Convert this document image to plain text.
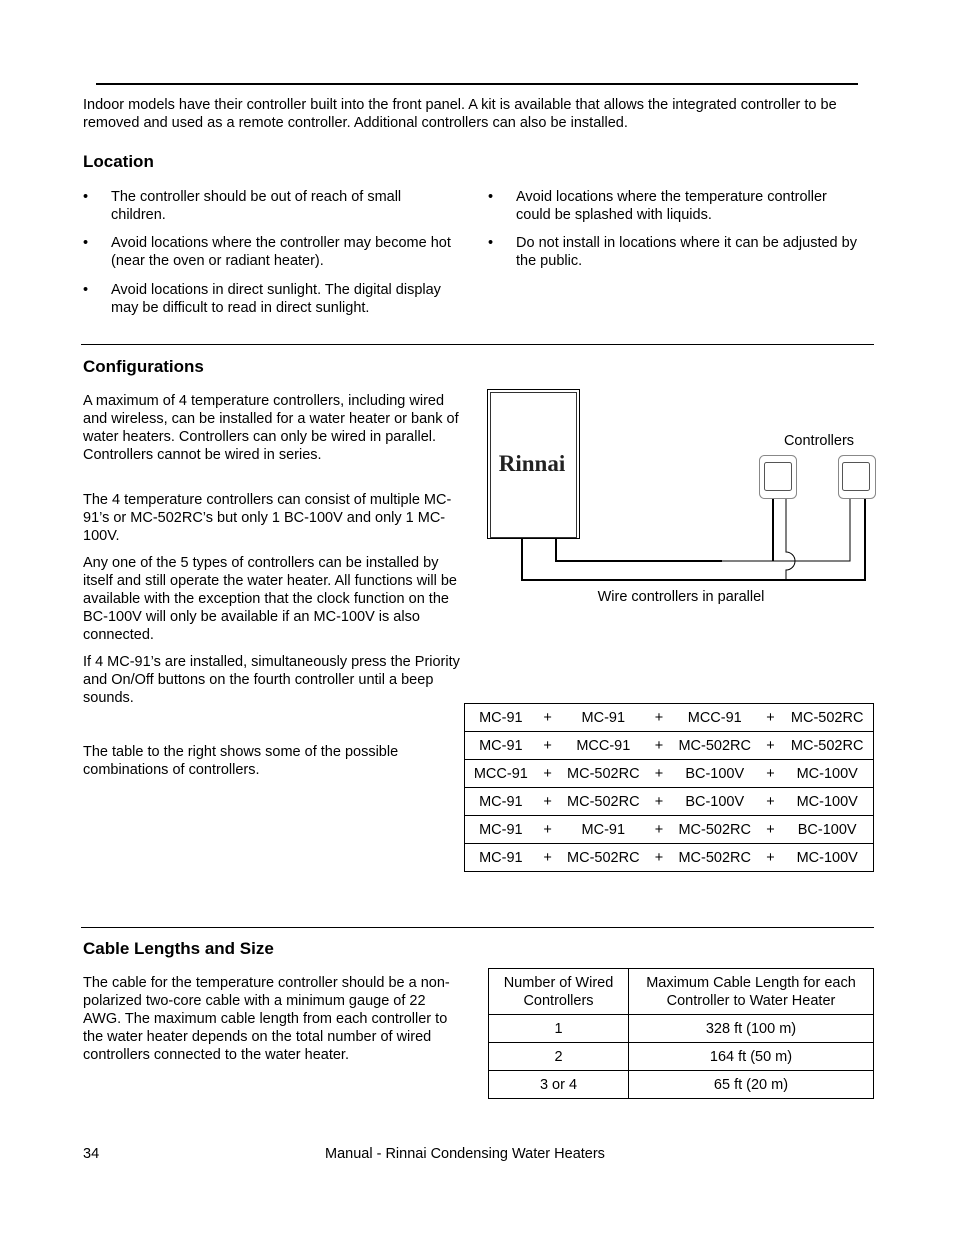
Indoor models have their controller built into the front panel. A kit is available that allows the integrated controller to be removed and used as a remote controller. Additional controllers can also be installed.

Location
• The controller should be out of reach of small children.
• Avoid locations where the controller may become hot (near the oven or radiant heater).
• Avoid locations in direct sunlight. The digital display may be difficult to read in direct sunlight.
• Avoid locations where the temperature controller could be splashed with liquids.
• Do not install in locations where it can be adjusted by the public.
Configurations

A maximum of 4 temperature controllers, including wired and wireless, can be installed for a water heater or bank of water heaters. Controllers can only be wired in parallel. Controllers cannot be wired in series.

The 4 temperature controllers can consist of multiple MC-91’s or MC-502RC’s but only 1 BC-100V and only 1 MC-100V.

Any one of the 5 types of controllers can be installed by itself and still operate the water heater. All functions will be available with the exception that the clock function on the BC-100V will only be available if an MC-100V is also connected.

If 4 MC-91’s are installed, simultaneously press the Priority and On/Off buttons on the fourth controller until a beep sounds.

The table to the right shows some of the possible combinations of controllers.

Rinnai
Controllers
Wire controllers in parallel
MC-91	+	MC-91	+	MCC-91	+	MC-502RC
MC-91	+	MCC-91	+	MC-502RC	+	MC-502RC
MCC-91	+	MC-502RC	+	BC-100V	+	MC-100V
MC-91	+	MC-502RC	+	BC-100V	+	MC-100V
MC-91	+	MC-91	+	MC-502RC	+	BC-100V
MC-91	+	MC-502RC	+	MC-502RC	+	MC-100V
Cable Lengths and Size

The cable for the temperature controller should be a non-polarized two-core cable with a minimum gauge of 22 AWG. The maximum cable length from each controller to the water heater depends on the total number of wired controllers connected to the water heater.

Number of Wired Controllers	Maximum Cable Length for each Controller to Water Heater
1	328 ft (100 m)
2	164 ft (50 m)
3 or 4	65 ft (20 m)
34	Manual - Rinnai Condensing Water Heaters
